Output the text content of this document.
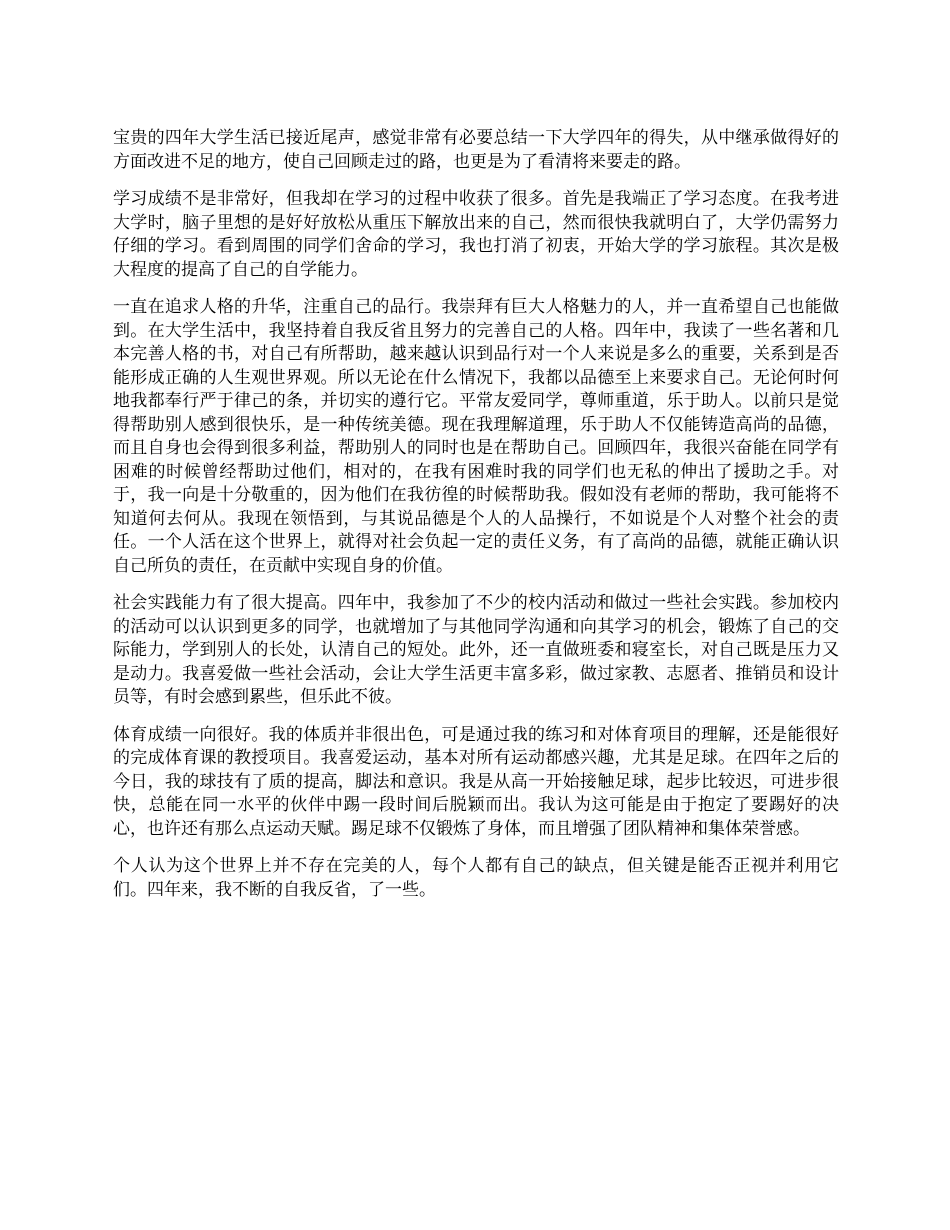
宝贵的四年大学生活已接近尾声，感觉非常有必要总结一下大学四年的得失，从中继承做得好的方面改进不足的地方，使自己回顾走过的路，也更是为了看清将来要走的路。

学习成绩不是非常好，但我却在学习的过程中收获了很多。首先是我端正了学习态度。在我考进大学时，脑子里想的是好好放松从重压下解放出来的自己，然而很快我就明白了，大学仍需努力仔细的学习。看到周围的同学们舍命的学习，我也打消了初衷，开始大学的学习旅程。其次是极大程度的提高了自己的自学能力。

一直在追求人格的升华，注重自己的品行。我崇拜有巨大人格魅力的人，并一直希望自己也能做到。在大学生活中，我坚持着自我反省且努力的完善自己的人格。四年中，我读了一些名著和几本完善人格的书，对自己有所帮助，越来越认识到品行对一个人来说是多么的重要，关系到是否能形成正确的人生观世界观。所以无论在什么情况下，我都以品德至上来要求自己。无论何时何地我都奉行严于律己的条，并切实的遵行它。平常友爱同学，尊师重道，乐于助人。以前只是觉得帮助别人感到很快乐，是一种传统美德。现在我理解道理，乐于助人不仅能铸造高尚的品德，而且自身也会得到很多利益，帮助别人的同时也是在帮助自己。回顾四年，我很兴奋能在同学有困难的时候曾经帮助过他们，相对的，在我有困难时我的同学们也无私的伸出了援助之手。对于，我一向是十分敬重的，因为他们在我彷徨的时候帮助我。假如没有老师的帮助，我可能将不知道何去何从。我现在领悟到，与其说品德是个人的人品操行，不如说是个人对整个社会的责任。一个人活在这个世界上，就得对社会负起一定的责任义务，有了高尚的品德，就能正确认识自己所负的责任，在贡献中实现自身的价值。

社会实践能力有了很大提高。四年中，我参加了不少的校内活动和做过一些社会实践。参加校内的活动可以认识到更多的同学，也就增加了与其他同学沟通和向其学习的机会，锻炼了自己的交际能力，学到别人的长处，认清自己的短处。此外，还一直做班委和寝室长，对自己既是压力又是动力。我喜爱做一些社会活动，会让大学生活更丰富多彩，做过家教、志愿者、推销员和设计员等，有时会感到累些，但乐此不彼。

体育成绩一向很好。我的体质并非很出色，可是通过我的练习和对体育项目的理解，还是能很好的完成体育课的教授项目。我喜爱运动，基本对所有运动都感兴趣，尤其是足球。在四年之后的今日，我的球技有了质的提高，脚法和意识。我是从高一开始接触足球，起步比较迟，可进步很快，总能在同一水平的伙伴中踢一段时间后脱颖而出。我认为这可能是由于抱定了要踢好的决心，也许还有那么点运动天赋。踢足球不仅锻炼了身体，而且增强了团队精神和集体荣誉感。

个人认为这个世界上并不存在完美的人，每个人都有自己的缺点，但关键是能否正视并利用它们。四年来，我不断的自我反省，了一些。
